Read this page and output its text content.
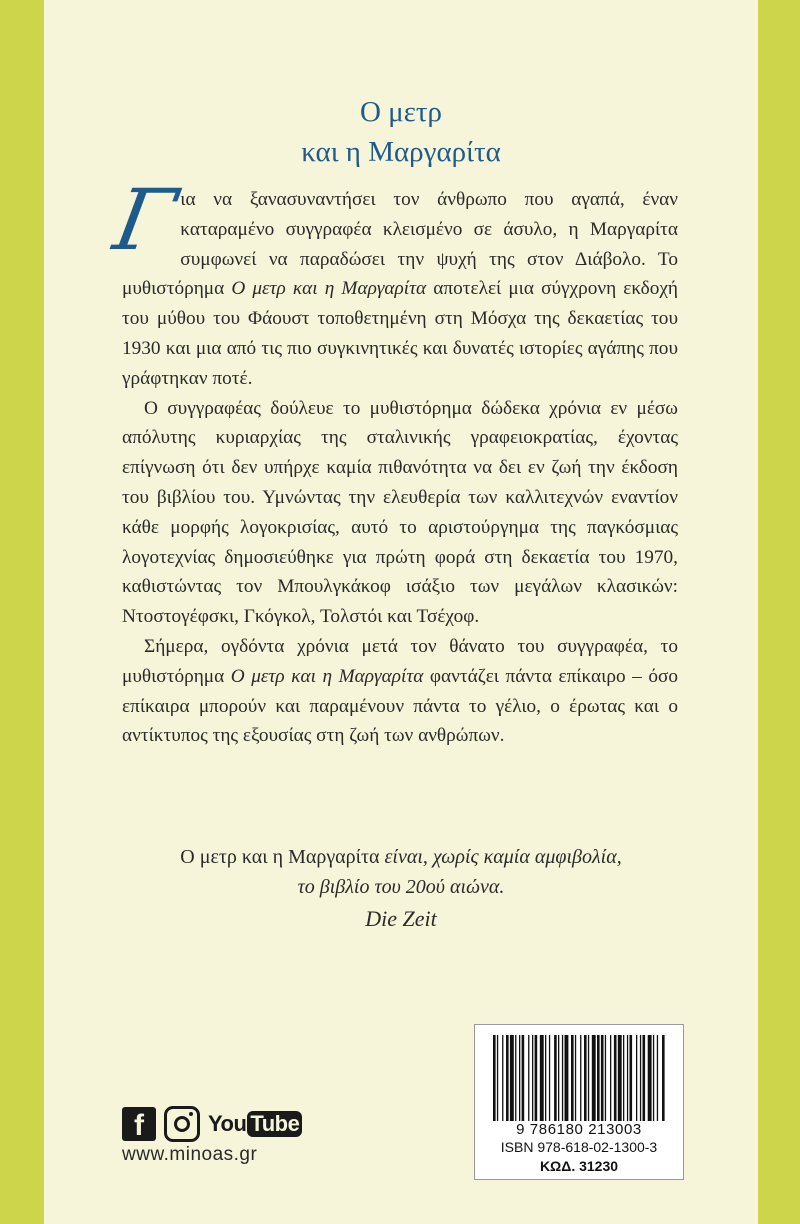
Ο μετρ
και η Μαργαρίτα

Γ
ια να ξανασυναντήσει τον άνθρωπο που αγαπά, έναν καταραμένο συγγραφέα κλεισμένο σε άσυλο, η Μαργαρίτα συμφωνεί να παραδώσει την ψυχή της στον Διάβολο. Το μυθιστόρημα Ο μετρ και η Μαργαρίτα αποτελεί μια σύγχρονη εκδοχή του μύθου του Φάουστ τοποθετημένη στη Μόσχα της δεκαετίας του 1930 και μια από τις πιο συγκινητικές και δυνατές ιστορίες αγάπης που γράφτηκαν ποτέ.

Ο συγγραφέας δούλευε το μυθιστόρημα δώδεκα χρόνια εν μέσω απόλυτης κυριαρχίας της σταλινικής γραφειοκρατίας, έχοντας επίγνωση ότι δεν υπήρχε καμία πιθανότητα να δει εν ζωή την έκδοση του βιβλίου του. Υμνώντας την ελευθερία των καλλιτεχνών εναντίον κάθε μορφής λογοκρισίας, αυτό το αριστούργημα της παγκόσμιας λογοτεχνίας δημοσιεύθηκε για πρώτη φορά στη δεκαετία του 1970, καθιστώντας τον Μπουλγκάκοφ ισάξιο των μεγάλων κλασικών: Ντοστογέφσκι, Γκόγκολ, Τολστόι και Τσέχοφ.

Σήμερα, ογδόντα χρόνια μετά τον θάνατο του συγγραφέα, το μυθιστόρημα Ο μετρ και η Μαργαρίτα φαντάζει πάντα επίκαιρο – όσο επίκαιρα μπορούν και παραμένουν πάντα το γέλιο, ο έρωτας και ο αντίκτυπος της εξουσίας στη ζωή των ανθρώπων.

Ο μετρ και η Μαργαρίτα είναι, χωρίς καμία αμφιβολία,
το βιβλίο του 20ού αιώνα.
Die Zeit
f	You Tube
www.minoas.gr
9 786180 213003
ISBN 978-618-02-1300-3
ΚΩΔ. 31230
